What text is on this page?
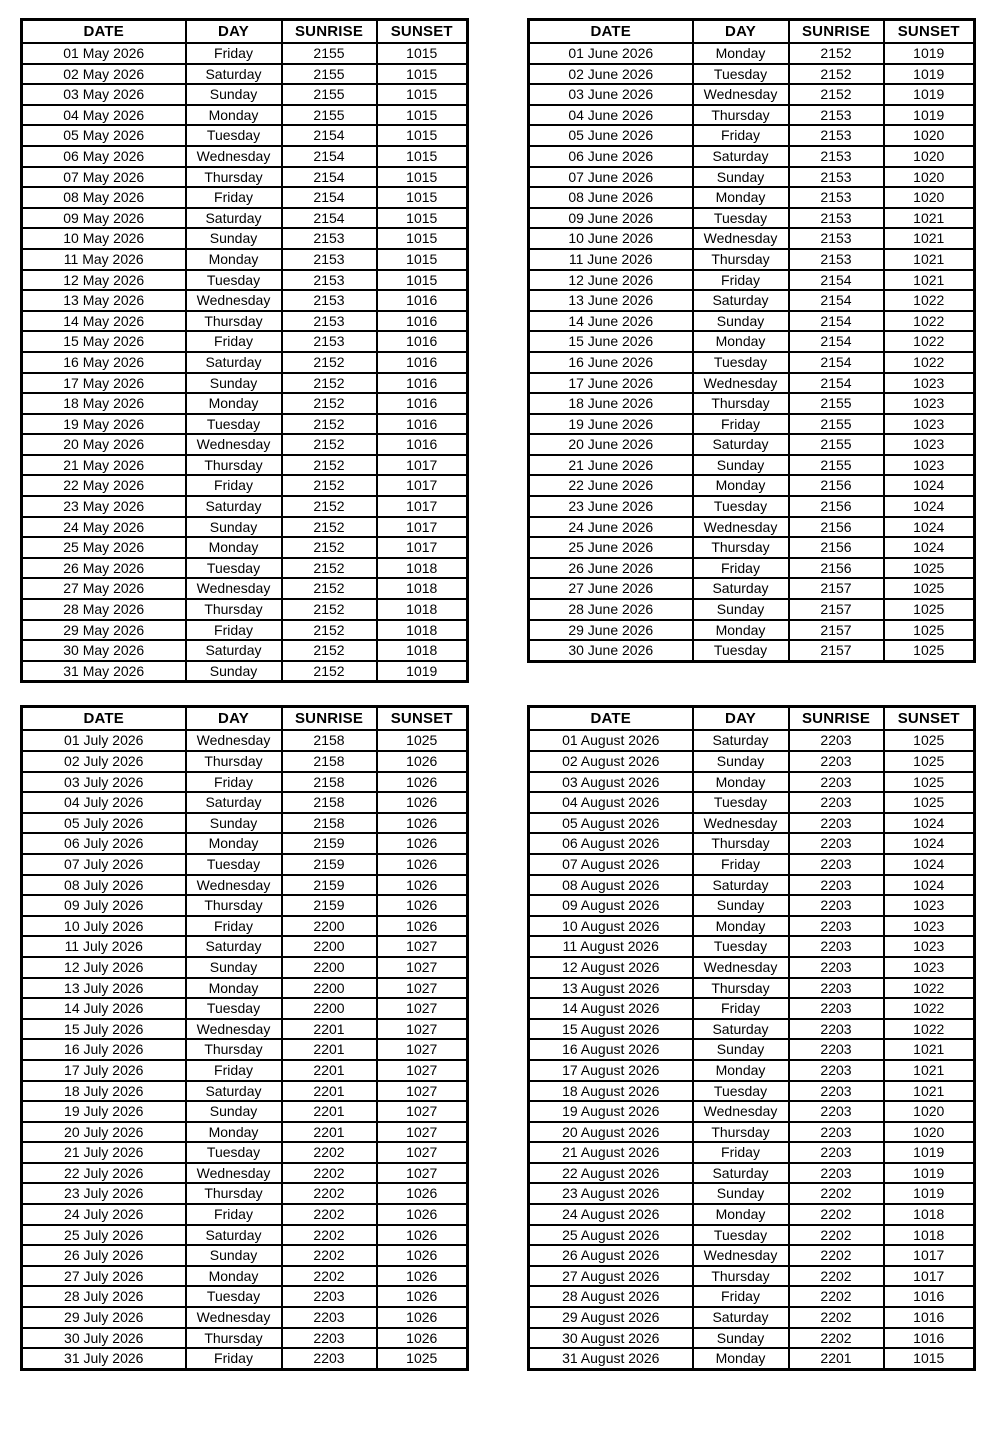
DATE	DAY	SUNRISE	SUNSET
01 May 2026	Friday	2155	1015
02 May 2026	Saturday	2155	1015
03 May 2026	Sunday	2155	1015
04 May 2026	Monday	2155	1015
05 May 2026	Tuesday	2154	1015
06 May 2026	Wednesday	2154	1015
07 May 2026	Thursday	2154	1015
08 May 2026	Friday	2154	1015
09 May 2026	Saturday	2154	1015
10 May 2026	Sunday	2153	1015
11 May 2026	Monday	2153	1015
12 May 2026	Tuesday	2153	1015
13 May 2026	Wednesday	2153	1016
14 May 2026	Thursday	2153	1016
15 May 2026	Friday	2153	1016
16 May 2026	Saturday	2152	1016
17 May 2026	Sunday	2152	1016
18 May 2026	Monday	2152	1016
19 May 2026	Tuesday	2152	1016
20 May 2026	Wednesday	2152	1016
21 May 2026	Thursday	2152	1017
22 May 2026	Friday	2152	1017
23 May 2026	Saturday	2152	1017
24 May 2026	Sunday	2152	1017
25 May 2026	Monday	2152	1017
26 May 2026	Tuesday	2152	1018
27 May 2026	Wednesday	2152	1018
28 May 2026	Thursday	2152	1018
29 May 2026	Friday	2152	1018
30 May 2026	Saturday	2152	1018
31 May 2026	Sunday	2152	1019
DATE	DAY	SUNRISE	SUNSET
01 June 2026	Monday	2152	1019
02 June 2026	Tuesday	2152	1019
03 June 2026	Wednesday	2152	1019
04 June 2026	Thursday	2153	1019
05 June 2026	Friday	2153	1020
06 June 2026	Saturday	2153	1020
07 June 2026	Sunday	2153	1020
08 June 2026	Monday	2153	1020
09 June 2026	Tuesday	2153	1021
10 June 2026	Wednesday	2153	1021
11 June 2026	Thursday	2153	1021
12 June 2026	Friday	2154	1021
13 June 2026	Saturday	2154	1022
14 June 2026	Sunday	2154	1022
15 June 2026	Monday	2154	1022
16 June 2026	Tuesday	2154	1022
17 June 2026	Wednesday	2154	1023
18 June 2026	Thursday	2155	1023
19 June 2026	Friday	2155	1023
20 June 2026	Saturday	2155	1023
21 June 2026	Sunday	2155	1023
22 June 2026	Monday	2156	1024
23 June 2026	Tuesday	2156	1024
24 June 2026	Wednesday	2156	1024
25 June 2026	Thursday	2156	1024
26 June 2026	Friday	2156	1025
27 June 2026	Saturday	2157	1025
28 June 2026	Sunday	2157	1025
29 June 2026	Monday	2157	1025
30 June 2026	Tuesday	2157	1025
DATE	DAY	SUNRISE	SUNSET
01 July 2026	Wednesday	2158	1025
02 July 2026	Thursday	2158	1026
03 July 2026	Friday	2158	1026
04 July 2026	Saturday	2158	1026
05 July 2026	Sunday	2158	1026
06 July 2026	Monday	2159	1026
07 July 2026	Tuesday	2159	1026
08 July 2026	Wednesday	2159	1026
09 July 2026	Thursday	2159	1026
10 July 2026	Friday	2200	1026
11 July 2026	Saturday	2200	1027
12 July 2026	Sunday	2200	1027
13 July 2026	Monday	2200	1027
14 July 2026	Tuesday	2200	1027
15 July 2026	Wednesday	2201	1027
16 July 2026	Thursday	2201	1027
17 July 2026	Friday	2201	1027
18 July 2026	Saturday	2201	1027
19 July 2026	Sunday	2201	1027
20 July 2026	Monday	2201	1027
21 July 2026	Tuesday	2202	1027
22 July 2026	Wednesday	2202	1027
23 July 2026	Thursday	2202	1026
24 July 2026	Friday	2202	1026
25 July 2026	Saturday	2202	1026
26 July 2026	Sunday	2202	1026
27 July 2026	Monday	2202	1026
28 July 2026	Tuesday	2203	1026
29 July 2026	Wednesday	2203	1026
30 July 2026	Thursday	2203	1026
31 July 2026	Friday	2203	1025
DATE	DAY	SUNRISE	SUNSET
01 August 2026	Saturday	2203	1025
02 August 2026	Sunday	2203	1025
03 August 2026	Monday	2203	1025
04 August 2026	Tuesday	2203	1025
05 August 2026	Wednesday	2203	1024
06 August 2026	Thursday	2203	1024
07 August 2026	Friday	2203	1024
08 August 2026	Saturday	2203	1024
09 August 2026	Sunday	2203	1023
10 August 2026	Monday	2203	1023
11 August 2026	Tuesday	2203	1023
12 August 2026	Wednesday	2203	1023
13 August 2026	Thursday	2203	1022
14 August 2026	Friday	2203	1022
15 August 2026	Saturday	2203	1022
16 August 2026	Sunday	2203	1021
17 August 2026	Monday	2203	1021
18 August 2026	Tuesday	2203	1021
19 August 2026	Wednesday	2203	1020
20 August 2026	Thursday	2203	1020
21 August 2026	Friday	2203	1019
22 August 2026	Saturday	2203	1019
23 August 2026	Sunday	2202	1019
24 August 2026	Monday	2202	1018
25 August 2026	Tuesday	2202	1018
26 August 2026	Wednesday	2202	1017
27 August 2026	Thursday	2202	1017
28 August 2026	Friday	2202	1016
29 August 2026	Saturday	2202	1016
30 August 2026	Sunday	2202	1016
31 August 2026	Monday	2201	1015
